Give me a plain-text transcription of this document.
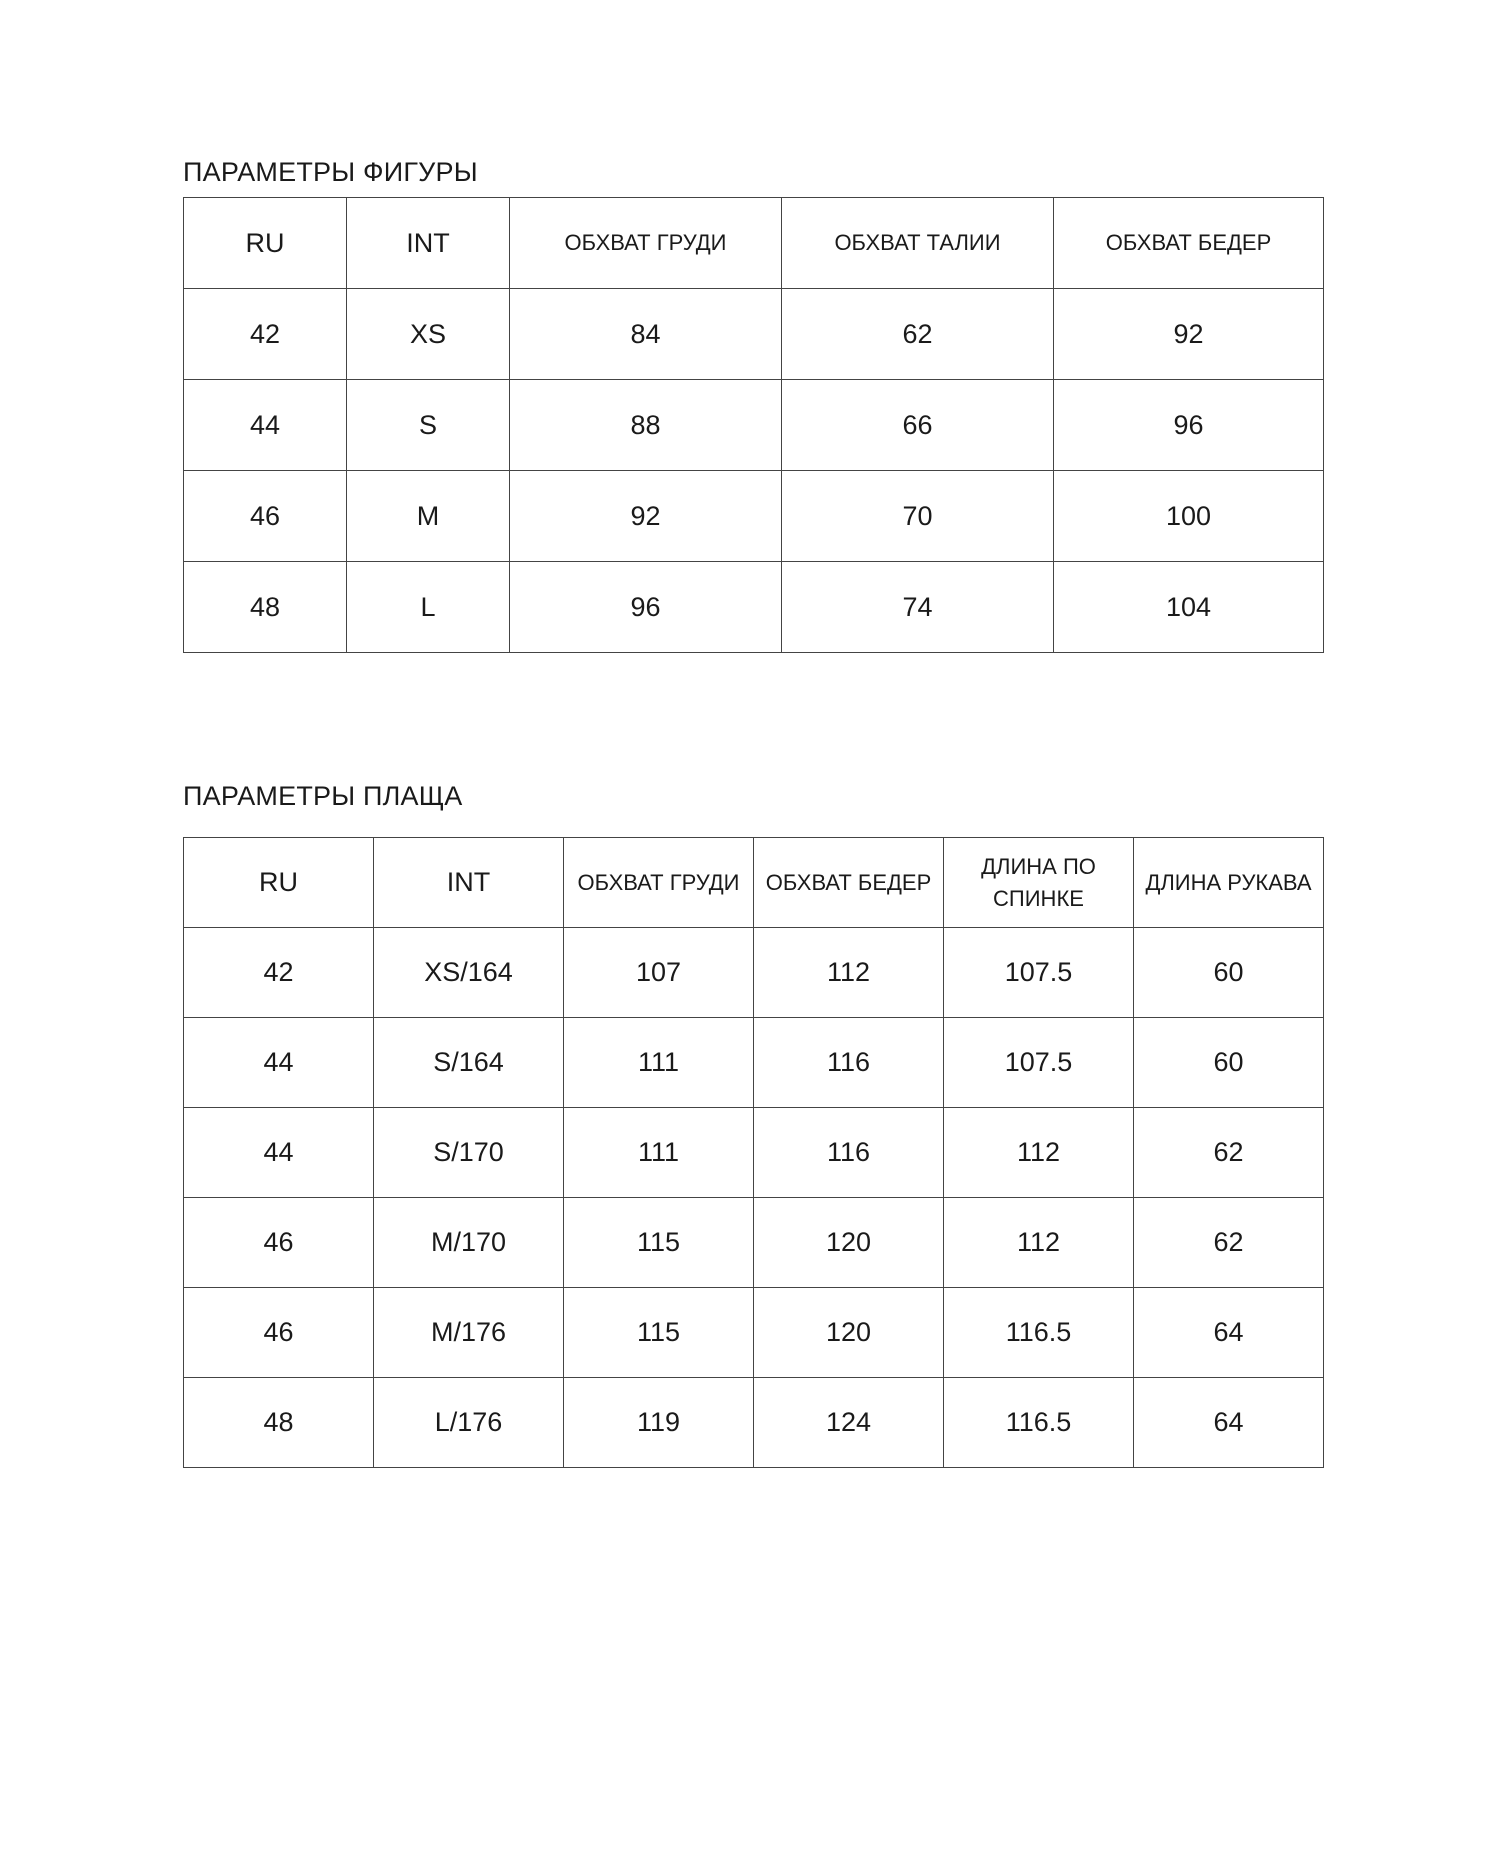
ПАРАМЕТРЫ ФИГУРЫ
RU	INT	ОБХВАТ ГРУДИ	ОБХВАТ ТАЛИИ	ОБХВАТ БЕДЕР
42	XS	84	62	92
44	S	88	66	96
46	M	92	70	100
48	L	96	74	104
ПАРАМЕТРЫ ПЛАЩА
RU	INT	ОБХВАТ ГРУДИ	ОБХВАТ БЕДЕР	ДЛИНА ПО СПИНКЕ	ДЛИНА РУКАВА
42	XS/164	107	112	107.5	60
44	S/164	111	116	107.5	60
44	S/170	111	116	112	62
46	M/170	115	120	112	62
46	M/176	115	120	116.5	64
48	L/176	119	124	116.5	64
